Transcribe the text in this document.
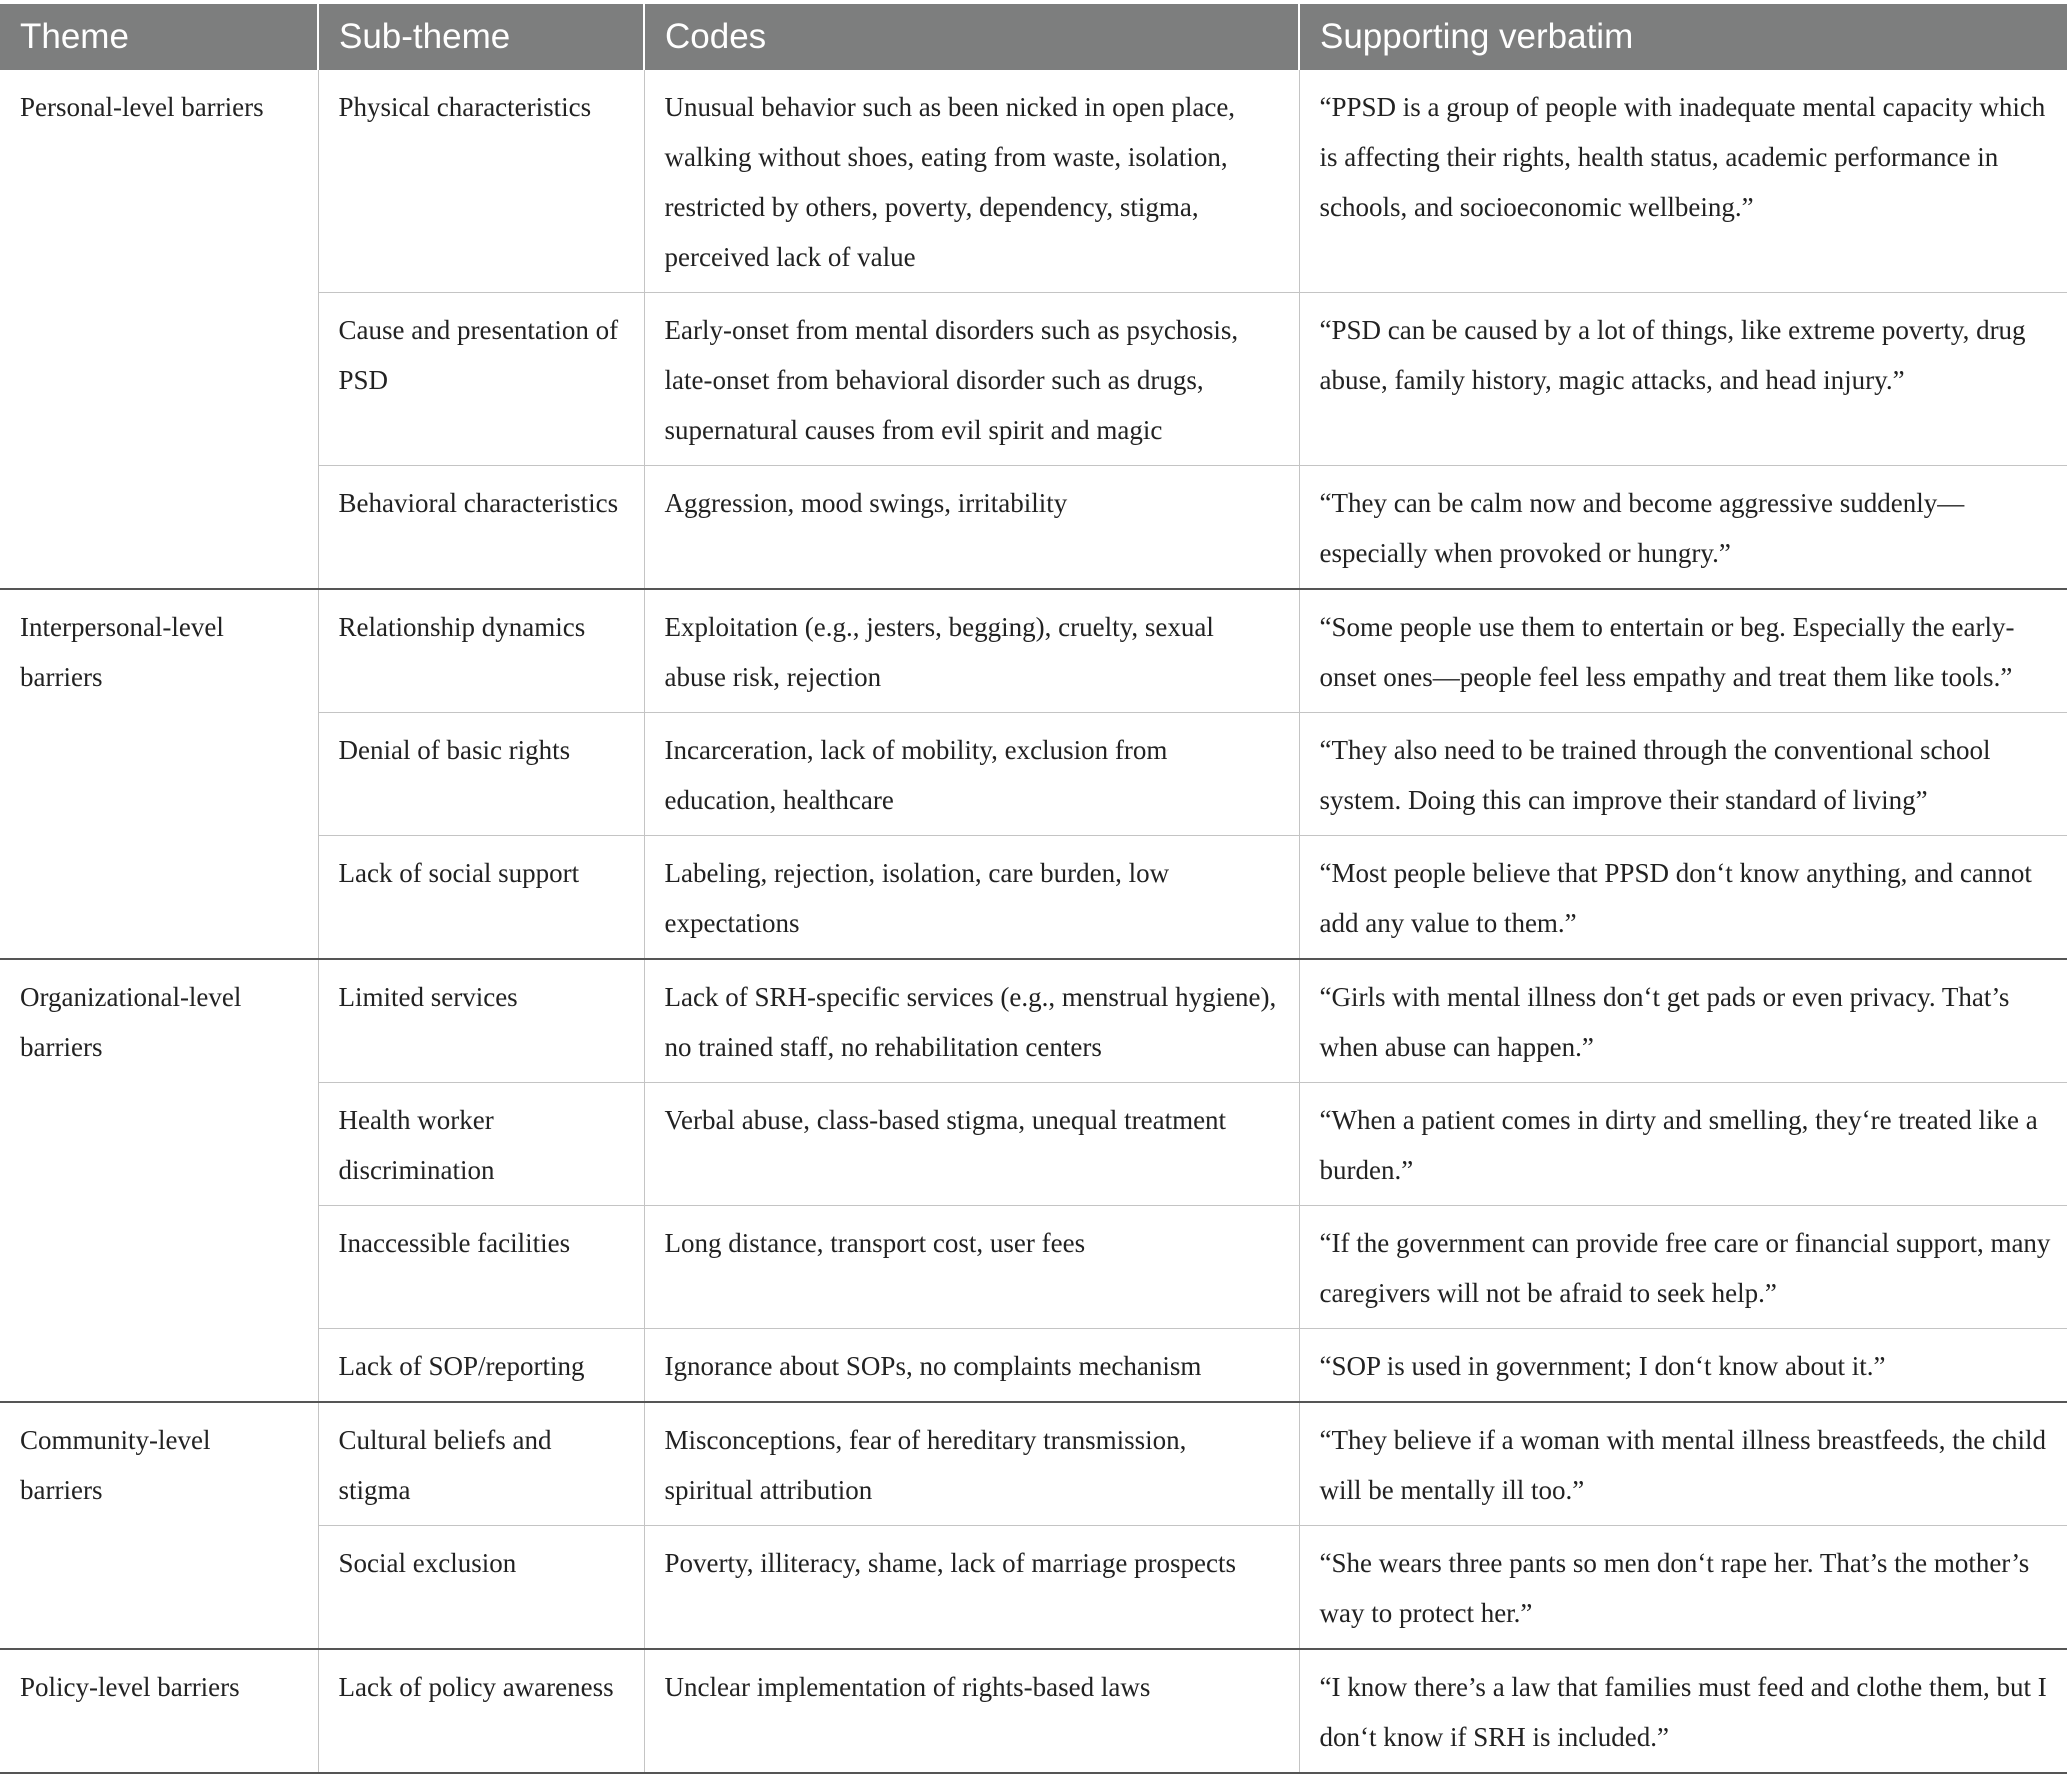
Theme	Sub-theme	Codes	Supporting verbatim
Personal-level barriers	Physical characteristics	Unusual behavior such as been nicked in open place, walking without shoes, eating from waste, isolation, restricted by others, poverty, dependency, stigma, perceived lack of value	“PPSD is a group of people with inadequate mental capacity which is affecting their rights, health status, academic performance in schools, and socioeconomic wellbeing.”
	Cause and presentation of PSD	Early-onset from mental disorders such as psychosis, late-onset from behavioral disorder such as drugs, supernatural causes from evil spirit and magic	“PSD can be caused by a lot of things, like extreme poverty, drug abuse, family history, magic attacks, and head injury.”
	Behavioral characteristics	Aggression, mood swings, irritability	“They can be calm now and become aggressive suddenly—especially when provoked or hungry.”
Interpersonal-level barriers	Relationship dynamics	Exploitation (e.g., jesters, begging), cruelty, sexual abuse risk, rejection	“Some people use them to entertain or beg. Especially the early-onset ones—people feel less empathy and treat them like tools.”
	Denial of basic rights	Incarceration, lack of mobility, exclusion from education, healthcare	“They also need to be trained through the conventional school system. Doing this can improve their standard of living”
	Lack of social support	Labeling, rejection, isolation, care burden, low expectations	“Most people believe that PPSD don‘t know anything, and cannot add any value to them.”
Organizational-level barriers	Limited services	Lack of SRH-specific services (e.g., menstrual hygiene), no trained staff, no rehabilitation centers	“Girls with mental illness don‘t get pads or even privacy. That’s when abuse can happen.”
	Health worker discrimination	Verbal abuse, class-based stigma, unequal treatment	“When a patient comes in dirty and smelling, they‘re treated like a burden.”
	Inaccessible facilities	Long distance, transport cost, user fees	“If the government can provide free care or financial support, many caregivers will not be afraid to seek help.”
	Lack of SOP/reporting	Ignorance about SOPs, no complaints mechanism	“SOP is used in government; I don‘t know about it.”
Community-level barriers	Cultural beliefs and stigma	Misconceptions, fear of hereditary transmission, spiritual attribution	“They believe if a woman with mental illness breastfeeds, the child will be mentally ill too.”
	Social exclusion	Poverty, illiteracy, shame, lack of marriage prospects	“She wears three pants so men don‘t rape her. That’s the mother’s way to protect her.”
Policy-level barriers	Lack of policy awareness	Unclear implementation of rights-based laws	“I know there’s a law that families must feed and clothe them, but I don‘t know if SRH is included.”
